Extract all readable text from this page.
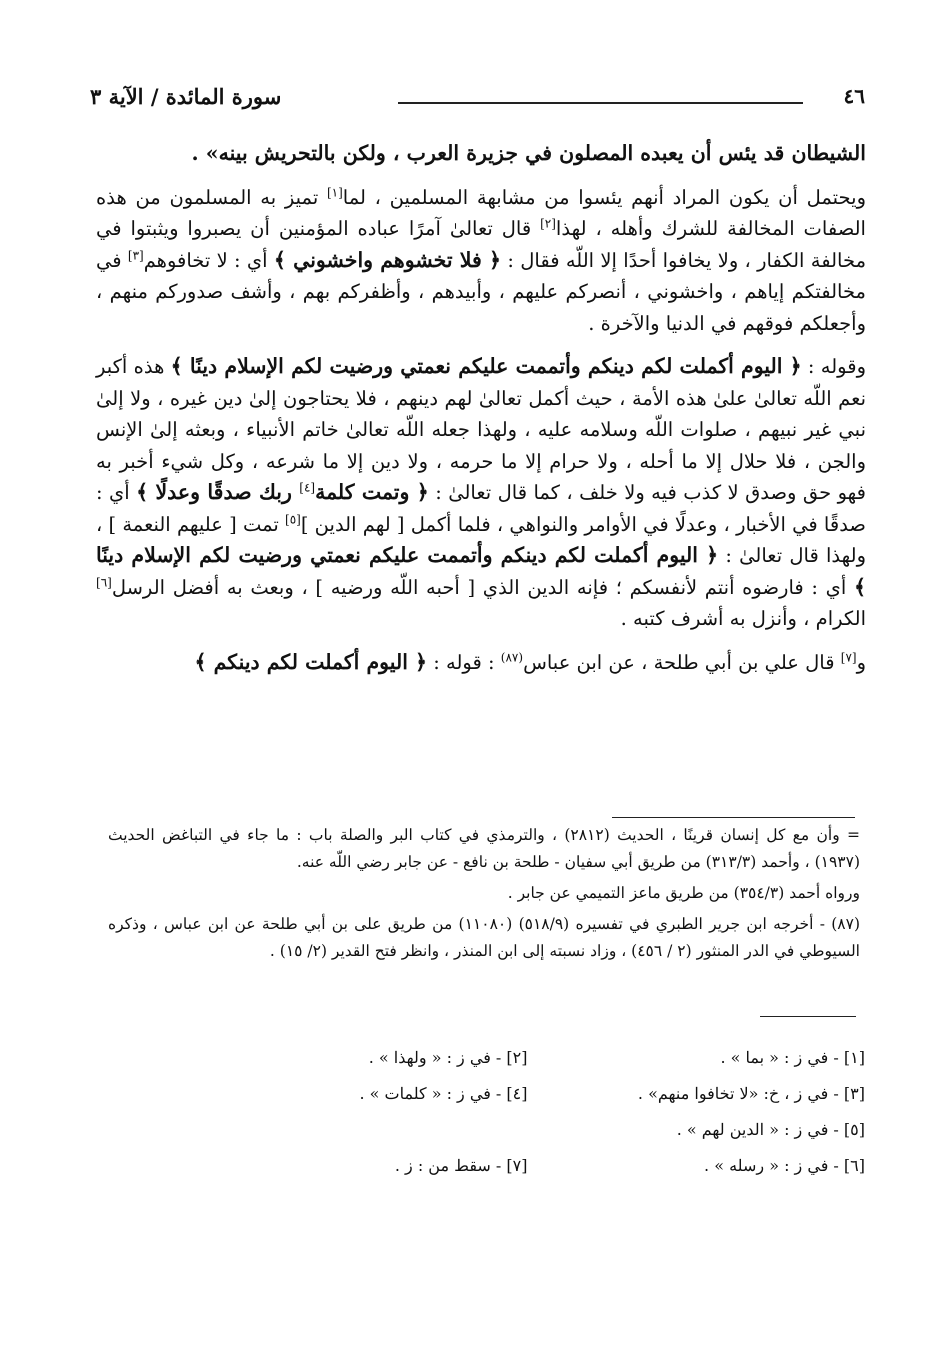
٤٦
سورة المائدة / الآية ٣

الشيطان قد يئس أن يعبده المصلون في جزيرة العرب ، ولكن بالتحريش بينه» .

ويحتمل أن يكون المراد أنهم يئسوا من مشابهة المسلمين ، لما[١] تميز به المسلمون من هذه الصفات المخالفة للشرك وأهله ، لهذا[٢] قال تعالىٰ آمرًا عباده المؤمنين أن يصبروا ويثبتوا في مخالفة الكفار ، ولا يخافوا أحدًا إلا اللّه فقال : ﴿ فلا تخشوهم واخشوني ﴾ أي : لا تخافوهم[٣] في مخالفتكم إياهم ، واخشوني ، أنصركم عليهم ، وأبيدهم ، وأظفركم بهم ، وأشف صدوركم منهم ، وأجعلكم فوقهم في الدنيا والآخرة .

وقوله : ﴿ اليوم أكملت لكم دينكم وأتممت عليكم نعمتي ورضيت لكم الإسلام دينًا ﴾ هذه أكبر نعم اللّه تعالىٰ علىٰ هذه الأمة ، حيث أكمل تعالىٰ لهم دينهم ، فلا يحتاجون إلىٰ دين غيره ، ولا إلىٰ نبي غير نبيهم ، صلوات اللّه وسلامه عليه ، ولهذا جعله اللّه تعالىٰ خاتم الأنبياء ، وبعثه إلىٰ الإنس والجن ، فلا حلال إلا ما أحله ، ولا حرام إلا ما حرمه ، ولا دين إلا ما شرعه ، وكل شيء أخبر به فهو حق وصدق لا كذب فيه ولا خلف ، كما قال تعالىٰ : ﴿ وتمت كلمة[٤] ربك صدقًا وعدلًا ﴾ أي : صدقًا في الأخبار ، وعدلًا في الأوامر والنواهي ، فلما أكمل [ لهم الدين ][٥] تمت [ عليهم النعمة ] ، ولهذا قال تعالىٰ : ﴿ اليوم أكملت لكم دينكم وأتممت عليكم نعمتي ورضيت لكم الإسلام دينًا ﴾ أي : فارضوه أنتم لأنفسكم ؛ فإنه الدين الذي [ أحبه اللّه ورضيه ] ، وبعث به أفضل الرسل[٦] الكرام ، وأنزل به أشرف كتبه .

و[٧] قال علي بن أبي طلحة ، عن ابن عباس$^{(٨٧)}$ : قوله : ﴿ اليوم أكملت لكم دينكم ﴾

= وأن مع كل إنسان قرينًا ، الحديث (٢٨١٢) ، والترمذي في كتاب البر والصلة باب : ما جاء في التباغض الحديث (١٩٣٧) ، وأحمد (٣١٣/٣) من طريق أبي سفيان - طلحة بن نافع - عن جابر رضي اللّه عنه.

ورواه أحمد (٣٥٤/٣) من طريق ماعز التميمي عن جابر .

(٨٧) - أخرجه ابن جرير الطبري في تفسيره (٥١٨/٩) (١١٠٨٠) من طريق على بن أبي طلحة عن ابن عباس ، وذكره السيوطي في الدر المنثور (٢ / ٤٥٦) ، وزاد نسبته إلى ابن المنذر ، وانظر فتح القدير (٢/ ١٥) .

[١] - في ز : « بما » .
[٢] - في ز : « ولهذا » .
[٣] - في ز ، خ: «لا تخافوا منهم» .
[٤] - في ز : « كلمات » .
[٥] - في ز : « الدين لهم » .
[٦] - في ز : « رسله » .
[٧] - سقط من : ز .
